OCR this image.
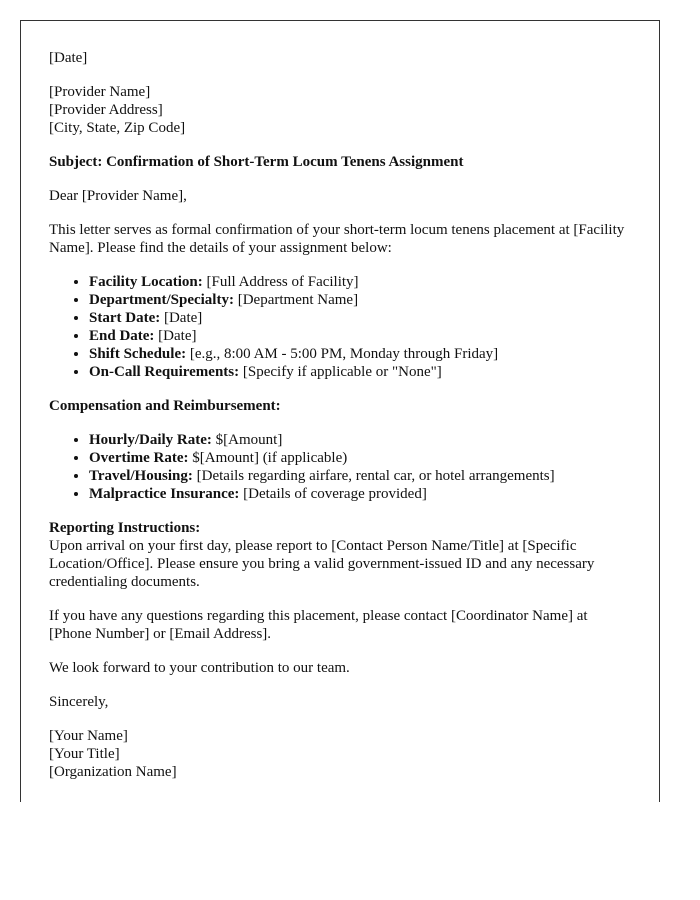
[Date]

[Provider Name]
[Provider Address]
[City, State, Zip Code]

Subject: Confirmation of Short-Term Locum Tenens Assignment

Dear [Provider Name],

This letter serves as formal confirmation of your short-term locum tenens placement at [Facility Name]. Please find the details of your assignment below:

• Facility Location: [Full Address of Facility]
• Department/Specialty: [Department Name]
• Start Date: [Date]
• End Date: [Date]
• Shift Schedule: [e.g., 8:00 AM - 5:00 PM, Monday through Friday]
• On-Call Requirements: [Specify if applicable or "None"]

Compensation and Reimbursement:

• Hourly/Daily Rate: $[Amount]
• Overtime Rate: $[Amount] (if applicable)
• Travel/Housing: [Details regarding airfare, rental car, or hotel arrangements]
• Malpractice Insurance: [Details of coverage provided]

Reporting Instructions:
Upon arrival on your first day, please report to [Contact Person Name/Title] at [Specific Location/Office]. Please ensure you bring a valid government-issued ID and any necessary credentialing documents.

If you have any questions regarding this placement, please contact [Coordinator Name] at [Phone Number] or [Email Address].

We look forward to your contribution to our team.

Sincerely,

[Your Name]
[Your Title]
[Organization Name]
